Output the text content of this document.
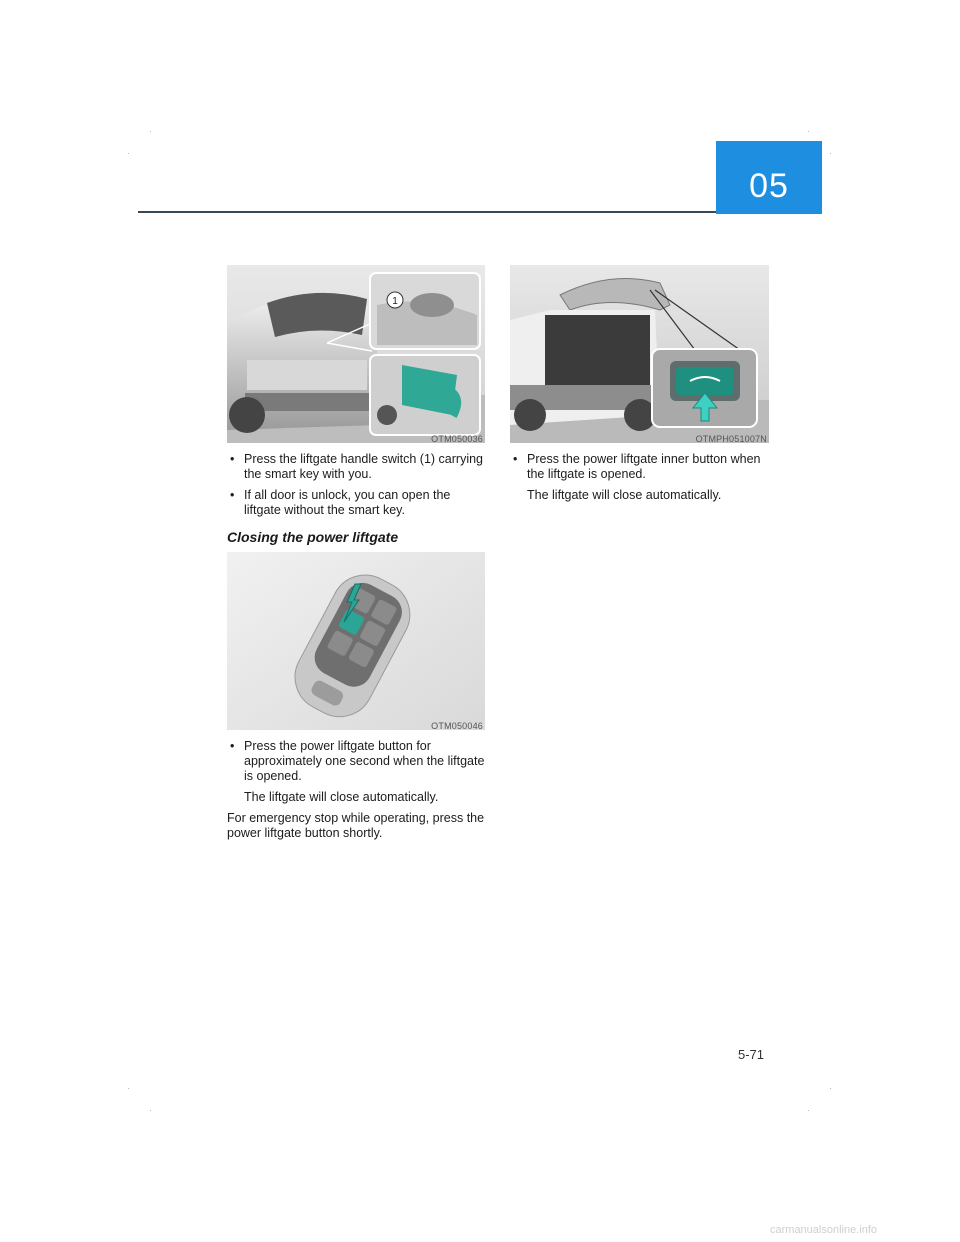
05
1
OTM050036	OTMPH051007N
OTM050046
• Press the liftgate handle switch (1) carrying the smart key with you.
• If all door is unlock, you can open the liftgate without the smart key.
Closing the power liftgate
• Press the power liftgate button for approximately one second when the liftgate is opened.
The liftgate will close automatically.
For emergency stop while operating, press the power liftgate button shortly.
• Press the power liftgate inner button when the liftgate is opened.
The liftgate will close automatically.
5-71
carmanualsonline.info
